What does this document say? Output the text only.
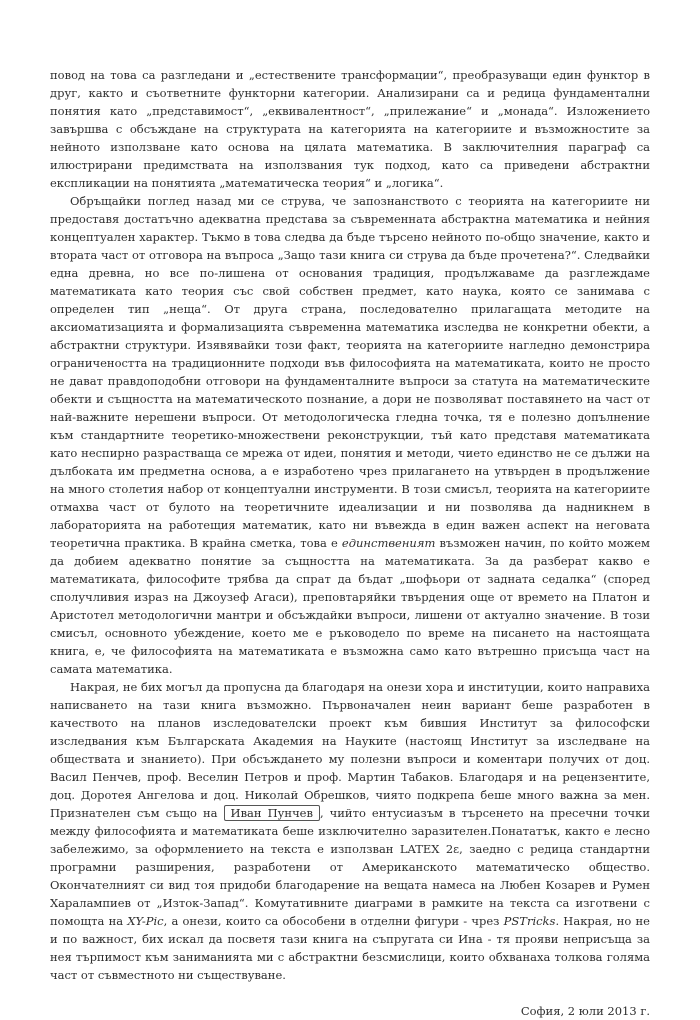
повод на това са разгледани и „естествените трансформации“, преобразуващи един функтор в друг, както и съответните функторни категории. Анализирани са и редица фундаментални понятия като „представимост“, „еквивалентност“, „прилежание“ и „монада“. Изложението завършва с обсъждане на структурата на категорията на категориите и възможностите за нейното използване като основа на цялата математика. В заключителния параграф са илюстрирани предимствата на използвания тук подход, като са приведени абстрактни експликации на понятията „математическа теория“ и „логика“.

Обръщайки поглед назад ми се струва, че запознанството с теорията на категориите ни предоставя достатъчно адекватна представа за съвременната абстрактна математика и нейния концептуален характер. Тъкмо в това следва да бъде търсено нейното по-общо значение, както и втората част от отговора на въпроса „Защо тази книга си струва да бъде прочетена?“. Следвайки една древна, но все по-лишена от основания традиция, продължаваме да разглеждаме математиката като теория със свой собствен предмет, като наука, която се занимава с определен тип „неща“. От друга страна, последователно прилагащата методите на аксиоматизацията и формализацията съвременна математика изследва не конкретни обекти, а абстрактни структури. Изявявайки този факт, теорията на категориите нагледно демонстрира ограничеността на традиционните подходи във философията на математиката, които не просто не дават правдоподобни отговори на фундаменталните въпроси за статута на математическите обекти и същността на математическото познание, а дори не позволяват поставянето на част от най-важните нерешени въпроси. От методологическа гледна точка, тя е полезно допълнение към стандартните теоретико-множествени реконструкции, тъй като представя математиката като неспирно разрастваща се мрежа от идеи, понятия и методи, чието единство не се дължи на дълбоката им предметна основа, а е изработено чрез прилагането на утвърден в продължение на много столетия набор от концептуални инструменти. В този смисъл, теорията на категориите отмахва част от булото на теоретичните идеализации и ни позволява да надникнем в лабораторията на работещия математик, като ни въвежда в един важен аспект на неговата теоретична практика. В крайна сметка, това е единственият възможен начин, по който можем да добием адекватно понятие за същността на математиката. За да разберат какво е математиката, философите трябва да спрат да бъдат „шофьори от задната седалка“ (според сполучливия израз на Джоузеф Агаси), преповтаряйки твърдения още от времето на Платон и Аристотел методологични мантри и обсъждайки въпроси, лишени от актуално значение. В този смисъл, основното убеждение, което ме е ръководело по време на писането на настоящата книга, е, че философията на математиката е възможна само като вътрешно присъща част на самата математика.

Накрая, не бих могъл да пропусна да благодаря на онези хора и институции, които направиха написването на тази книга възможно. Първоначален неин вариант беше разработен в качеството на планов изследователски проект към бившия Институт за философски изследвания към Българската Академия на Науките (настоящ Институт за изследване на обществата и знанието). При обсъждането му полезни въпроси и коментари получих от доц. Васил Пенчев, проф. Веселин Петров и проф. Мартин Табаков. Благодаря и на рецензентите, доц. Доротея Ангелова и доц. Николай Обрешков, чиято подкрепа беше много важна за мен. Признателен съм също на Иван Пунчев , чийто ентусиазъм в търсенето на пресечни точки между философията и математиката беше изключително заразителен.Понататък, както е лесно забележимо, за оформлението на текста е използван LATEX 2ε, заедно с редица стандартни програмни разширения, разработени от Американското математическо общество. Окончателният си вид тоя придоби благодарение на вещата намеса на Любен Козарев и Румен Харалампиев от „Изток-Запад“. Комутативните диаграми в рамките на текста са изготвени с помощта на XY-Pic, а онези, които са обособени в отделни фигури - чрез PSTricks. Накрая, но не и по важност, бих искал да посветя тази книга на съпругата си Ина - тя прояви неприсъща за нея търпимост към заниманията ми с абстрактни безсмислици, които обхванаха толкова голяма част от съвместното ни съществуване.

София, 2 юли 2013 г.
